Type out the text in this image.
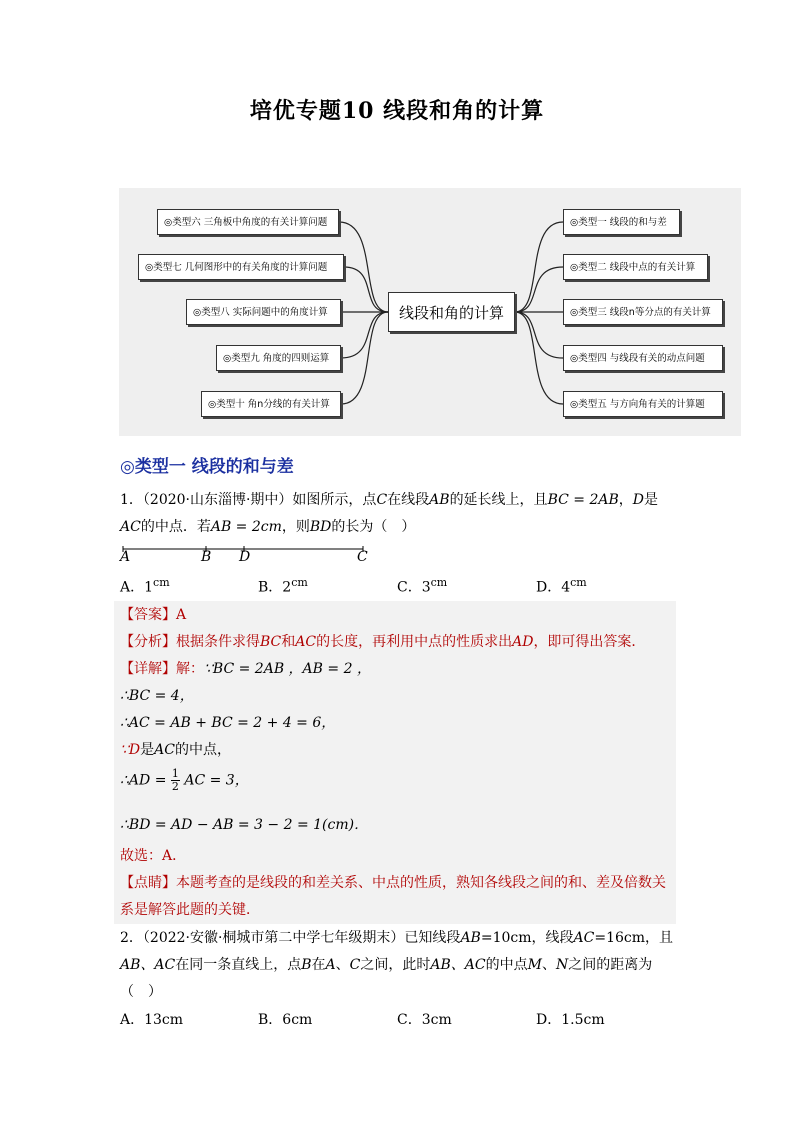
培优专题10 线段和角的计算
◎类型六 三角板中角度的有关计算问题
◎类型七 几何图形中的有关角度的计算问题
◎类型八 实际问题中的角度计算
◎类型九 角度的四则运算
◎类型十 角n分线的有关计算
线段和角的计算
◎类型一 线段的和与差
◎类型二 线段中点的有关计算
◎类型三 线段n等分点的有关计算
◎类型四 与线段有关的动点问题
◎类型五 与方向角有关的计算题
◎类型一 线段的和与差
1．（2020·山东淄博·期中）如图所示，点C在线段AB的延长线上，且BC = 2AB，D是
AC的中点．若AB = 2cm，则BD的长为（　）
A	B D	C
A．$1^{cm}$	B．$2^{cm}$	C．$3^{cm}$	D．$4^{cm}$
【答案】A
【分析】根据条件求得BC和AC的长度，再利用中点的性质求出AD，即可得出答案．
【详解】解：∵BC = 2AB ，AB = 2 ，
∴BC = 4，
∴AC = AB + BC = 2 + 4 = 6，
∵D是AC的中点，
∴AD = $\frac{1}{2}$ AC = 3，
∴BD = AD − AB = 3 − 2 = 1(cm)．
故选：A．
【点睛】本题考查的是线段的和差关系、中点的性质，熟知各线段之间的和、差及倍数关
系是解答此题的关键．
2．（2022·安徽·桐城市第二中学七年级期末）已知线段AB=10cm，线段AC=16cm，且
AB、AC在同一条直线上，点B在A、C之间，此时AB、AC的中点M、N之间的距离为
（　）
A．13cm	B．6cm	C．3cm	D．1.5cm
